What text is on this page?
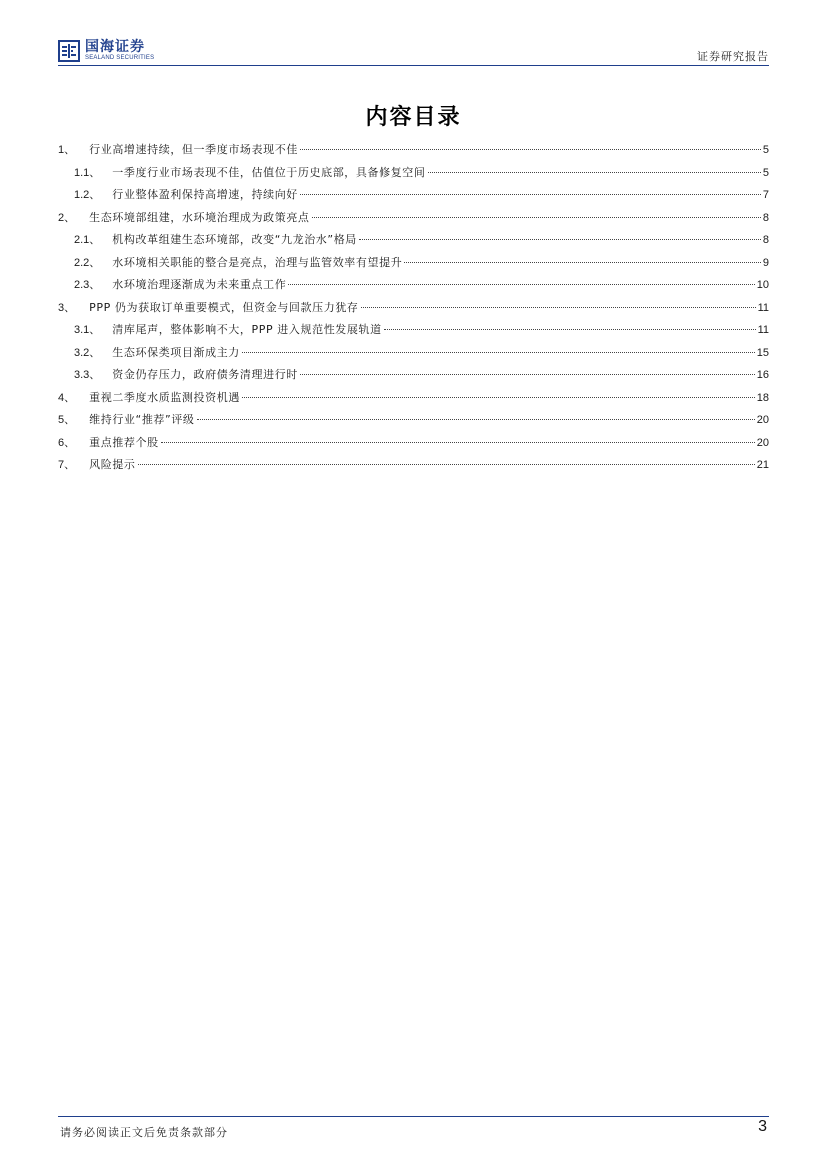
国海证券
SEALAND SECURITIES	证券研究报告
内容目录
1、 行业高增速持续，但一季度市场表现不佳	5
1.1、 一季度行业市场表现不佳，估值位于历史底部，具备修复空间	5
1.2、 行业整体盈利保持高增速，持续向好	7
2、 生态环境部组建，水环境治理成为政策亮点	8
2.1、 机构改革组建生态环境部，改变“九龙治水”格局	8
2.2、 水环境相关职能的整合是亮点，治理与监管效率有望提升	9
2.3、 水环境治理逐渐成为未来重点工作	10
3、 PPP 仍为获取订单重要模式，但资金与回款压力犹存	11
3.1、 清库尾声，整体影响不大，PPP 进入规范性发展轨道	11
3.2、 生态环保类项目渐成主力	15
3.3、 资金仍存压力，政府债务清理进行时	16
4、 重视二季度水质监测投资机遇	18
5、 维持行业“推荐”评级	20
6、 重点推荐个股	20
7、 风险提示	21
请务必阅读正文后免责条款部分	3
